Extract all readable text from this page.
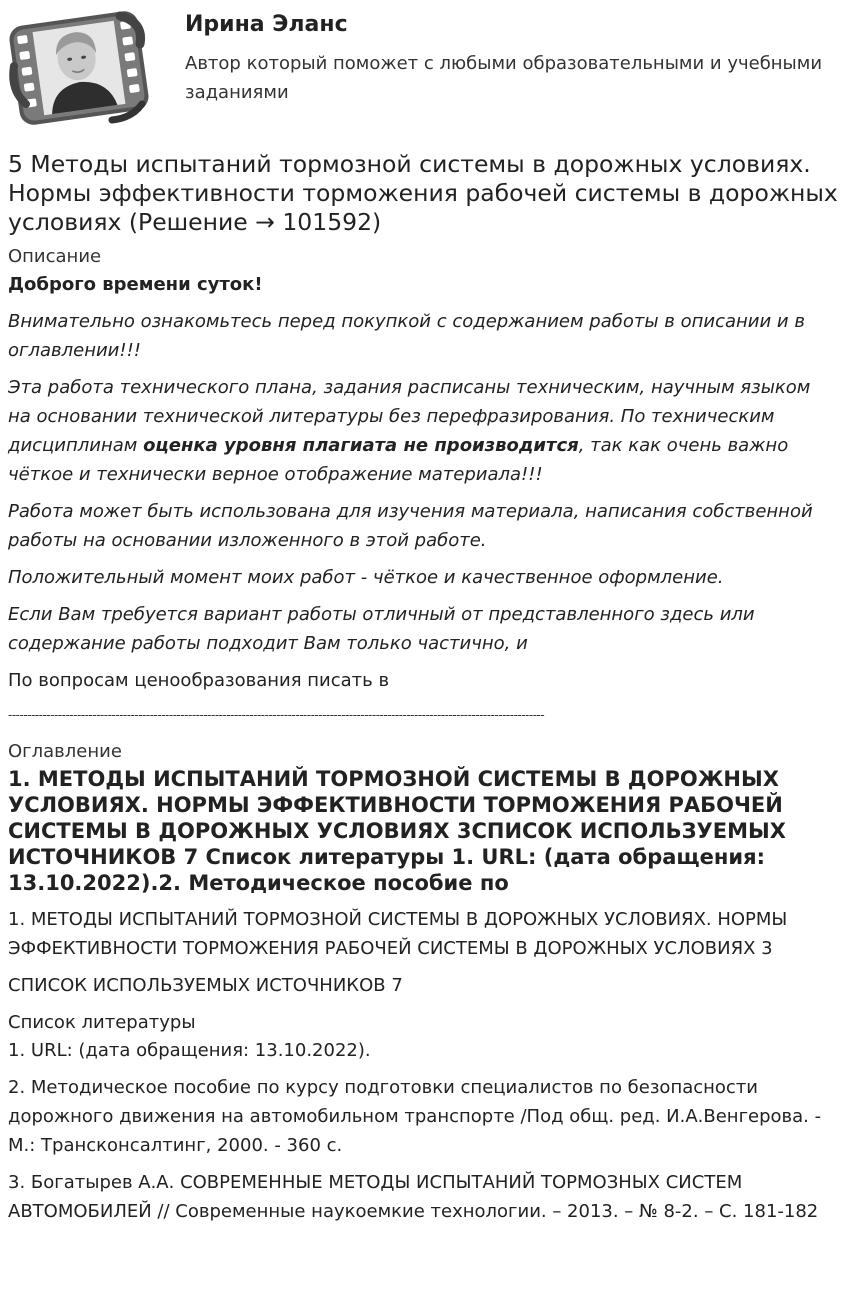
Ирина Эланс
Автор который поможет с любыми образовательными и учебными заданиями
5 Методы испытаний тормозной системы в дорожных условиях. Нормы эффективности торможения рабочей системы в дорожных условиях (Решение → 101592)
Описание

Доброго времени суток!

Внимательно ознакомьтесь перед покупкой с содержанием работы в описании и в оглавлении!!!

Эта работа технического плана, задания расписаны техническим, научным языком на основании технической литературы без перефразирования. По техническим дисциплинам оценка уровня плагиата не производится, так как очень важно чёткое и технически верное отображение материала!!!

Работа может быть использована для изучения материала, написания собственной работы на основании изложенного в этой работе.

Положительный момент моих работ - чёткое и качественное оформление.

Если Вам требуется вариант работы отличный от представленного здесь или содержание работы подходит Вам только частично, и

По вопросам ценообразования писать в

--------------------------------------------------------------------------------------------------------------------------------------------
Оглавление
1. МЕТОДЫ ИСПЫТАНИЙ ТОРМОЗНОЙ СИСТЕМЫ В ДОРОЖНЫХ УСЛОВИЯХ. НОРМЫ ЭФФЕКТИВНОСТИ ТОРМОЖЕНИЯ РАБОЧЕЙ СИСТЕМЫ В ДОРОЖНЫХ УСЛОВИЯХ 3СПИСОК ИСПОЛЬЗУЕМЫХ ИСТОЧНИКОВ 7 Список литературы 1. URL: (дата обращения: 13.10.2022).2. Методическое пособие по

1. МЕТОДЫ ИСПЫТАНИЙ ТОРМОЗНОЙ СИСТЕМЫ В ДОРОЖНЫХ УСЛОВИЯХ. НОРМЫ ЭФФЕКТИВНОСТИ ТОРМОЖЕНИЯ РАБОЧЕЙ СИСТЕМЫ В ДОРОЖНЫХ УСЛОВИЯХ 3

СПИСОК ИСПОЛЬЗУЕМЫХ ИСТОЧНИКОВ 7

Список литературы

1. URL: (дата обращения: 13.10.2022).

2. Методическое пособие по курсу подготовки специалистов по безопасности дорожного движения на автомобильном транспорте /Под общ. ред. И.А.Венгерова. - М.: Трансконсалтинг, 2000. - 360 с.

3. Богатырев А.А. СОВРЕМЕННЫЕ МЕТОДЫ ИСПЫТАНИЙ ТОРМОЗНЫХ СИСТЕМ АВТОМОБИЛЕЙ // Современные наукоемкие технологии. – 2013. – № 8-2. – С. 181-182
